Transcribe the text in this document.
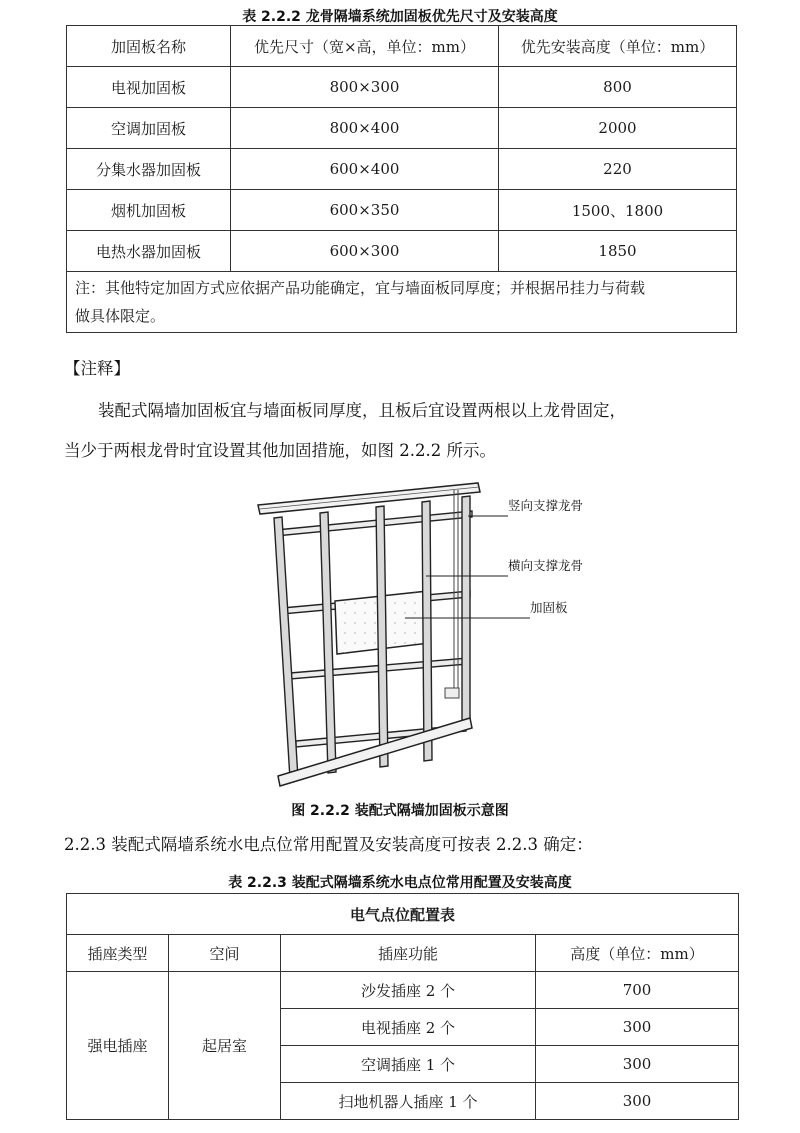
表 2.2.2 龙骨隔墙系统加固板优先尺寸及安装高度
加固板名称	优先尺寸（宽×高，单位：mm）	优先安装高度（单位：mm）
电视加固板	800×300	800
空调加固板	800×400	2000
分集水器加固板	600×400	220
烟机加固板	600×350	1500、1800
电热水器加固板	600×300	1850

注：其他特定加固方式应依据产品功能确定，宜与墙面板同厚度；并根据吊挂力与荷载
做具体限定。		
【注释】
装配式隔墙加固板宜与墙面板同厚度，且板后宜设置两根以上龙骨固定，
当少于两根龙骨时宜设置其他加固措施，如图 2.2.2 所示。
竖向支撑龙骨
横向支撑龙骨
加固板
图 2.2.2 装配式隔墙加固板示意图
2.2.3 装配式隔墙系统水电点位常用配置及安装高度可按表 2.2.3 确定：
表 2.2.3 装配式隔墙系统水电点位常用配置及安装高度
电气点位配置表			
插座类型	空间	插座功能	高度（单位：mm）
强电插座	起居室	沙发插座 2 个	700
		电视插座 2 个	300
		空调插座 1 个	300
		扫地机器人插座 1 个	300
